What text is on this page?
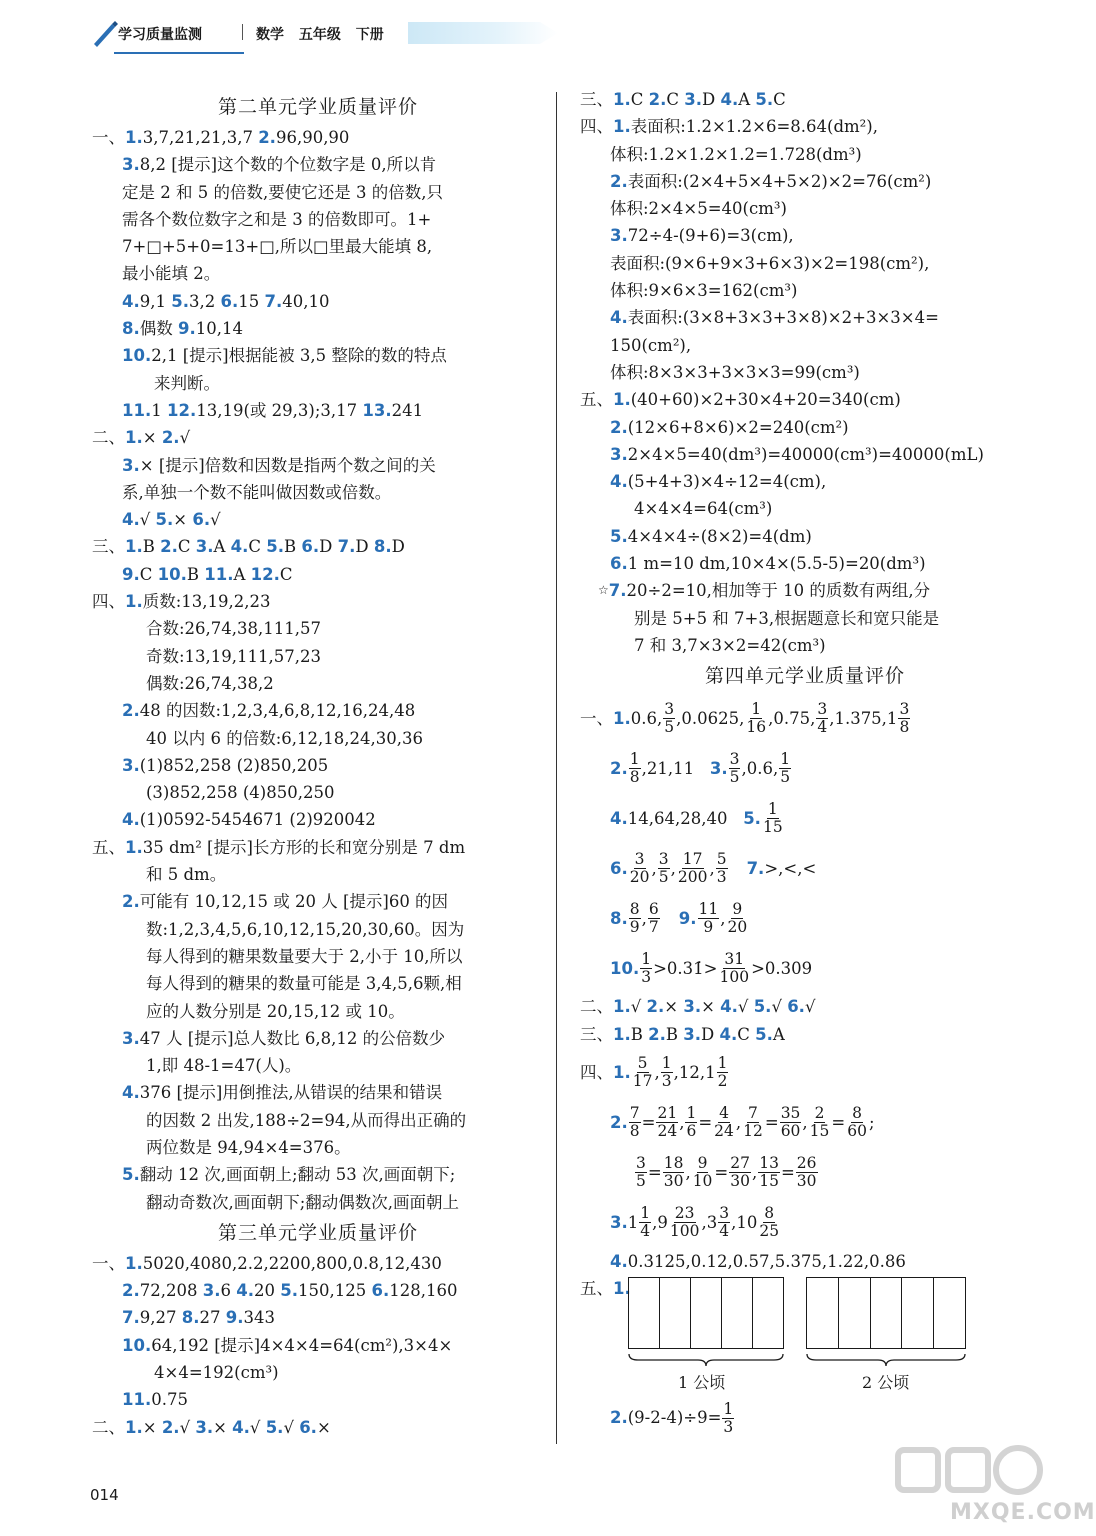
学习质量监测	数学 五年级 下册
第二单元学业质量评价
一、1.3,7,21,21,3,7 2.96,90,90
3.8,2 [提示]这个数的个位数字是 0,所以肯
定是 2 和 5 的倍数,要使它还是 3 的倍数,只
需各个数位数字之和是 3 的倍数即可。1+
7+□+5+0=13+□,所以□里最大能填 8,
最小能填 2。
4.9,1 5.3,2 6.15 7.40,10
8.偶数 9.10,14
10.2,1 [提示]根据能被 3,5 整除的数的特点
来判断。
11.1 12.13,19(或 29,3);3,17 13.241
二、1.× 2.√
3.× [提示]倍数和因数是指两个数之间的关
系,单独一个数不能叫做因数或倍数。
4.√ 5.× 6.√
三、1.B 2.C 3.A 4.C 5.B 6.D 7.D 8.D
9.C 10.B 11.A 12.C
四、1.质数:13,19,2,23
合数:26,74,38,111,57
奇数:13,19,111,57,23
偶数:26,74,38,2
2.48 的因数:1,2,3,4,6,8,12,16,24,48
40 以内 6 的倍数:6,12,18,24,30,36
3.(1)852,258 (2)850,205
(3)852,258 (4)850,250
4.(1)0592-5454671 (2)920042
五、1.35 dm² [提示]长方形的长和宽分别是 7 dm
和 5 dm。
2.可能有 10,12,15 或 20 人 [提示]60 的因
数:1,2,3,4,5,6,10,12,15,20,30,60。因为
每人得到的糖果数量要大于 2,小于 10,所以
每人得到的糖果的数量可能是 3,4,5,6颗,相
应的人数分别是 20,15,12 或 10。
3.47 人 [提示]总人数比 6,8,12 的公倍数少
1,即 48-1=47(人)。
4.376 [提示]用倒推法,从错误的结果和错误
的因数 2 出发,188÷2=94,从而得出正确的
两位数是 94,94×4=376。
5.翻动 12 次,画面朝上;翻动 53 次,画面朝下;
翻动奇数次,画面朝下;翻动偶数次,画面朝上
第三单元学业质量评价
一、1.5020,4080,2.2,2200,800,0.8,12,430
2.72,208 3.6 4.20 5.150,125 6.128,160
7.9,27 8.27 9.343
10.64,192 [提示]4×4×4=64(cm²),3×4×
4×4=192(cm³)
11.0.75
二、1.× 2.√ 3.× 4.√ 5.√ 6.×
三、1.C 2.C 3.D 4.A 5.C
四、1.表面积:1.2×1.2×6=8.64(dm²),
体积:1.2×1.2×1.2=1.728(dm³)
2.表面积:(2×4+5×4+5×2)×2=76(cm²)
体积:2×4×5=40(cm³)
3.72÷4-(9+6)=3(cm),
表面积:(9×6+9×3+6×3)×2=198(cm²),
体积:9×6×3=162(cm³)
4.表面积:(3×8+3×3+3×8)×2+3×3×4=
150(cm²),
体积:8×3×3+3×3×3=99(cm³)
五、1.(40+60)×2+30×4+20=340(cm)
2.(12×6+8×6)×2=240(cm²)
3.2×4×5=40(dm³)=40000(cm³)=40000(mL)
4.(5+4+3)×4÷12=4(cm),
4×4×4=64(cm³)
5.4×4×4÷(8×2)=4(dm)
6.1 m=10 dm,10×4×(5.5-5)=20(dm³)
☆7.20÷2=10,相加等于 10 的质数有两组,分
别是 5+5 和 7+3,根据题意长和宽只能是
7 和 3,7×3×2=42(cm³)
第四单元学业质量评价
一、 1. 0.6, $\frac{3}{5} ,0.0625$, $\frac{1}{16} ,0.75$, $\frac{3}{4} ,1.375,1 \frac{3}{8}$
2. $\frac{1}{8} ,21,11$ 3. $\frac{3}{5} ,0.6$, $\frac{1}{5}$
4. 14,64,28,40 5. $\frac{1}{15}$
6. $\frac{3}{20}$ , $\frac{3}{5}$ , $\frac{17}{200}$ , $\frac{5}{3} 7$. >,<,<
8. $\frac{8}{9}$ , $\frac{6}{7} 9$. $\frac{11}{9}$ , $\frac{9}{20}$
10. $\frac{1}{3}$ >0.31̇> $\frac{31}{100} >0.309$
二、1.√ 2.× 3.× 4.√ 5.√ 6.√
三、1.B 2.B 3.D 4.C 5.A
四、 1. $\frac{5}{17}$ , $\frac{1}{3} ,12,1 \frac{1}{2}$
2. $\frac{7}{8} = \frac{21}{24}$ , $\frac{1}{6} = \frac{4}{24}$ , $\frac{7}{12} = \frac{35}{60}$ , $\frac{2}{15} = \frac{8}{60}$ ;
$\frac{3}{5} = \frac{18}{30}$ , $\frac{9}{10} = \frac{27}{30}$ , $\frac{13}{15} = \frac{26}{30}$
3. $1 \frac{1}{4} ,9 \frac{23}{100} ,3 \frac{3}{4} ,10 \frac{8}{25}$
4.0.3125,0.12,0.57,5.375,1.22,0.86
五、1.
1 公顷	2 公顷
2. $(9-2-4)\div 9= \frac{1}{3}$
014
MXQE.COM
